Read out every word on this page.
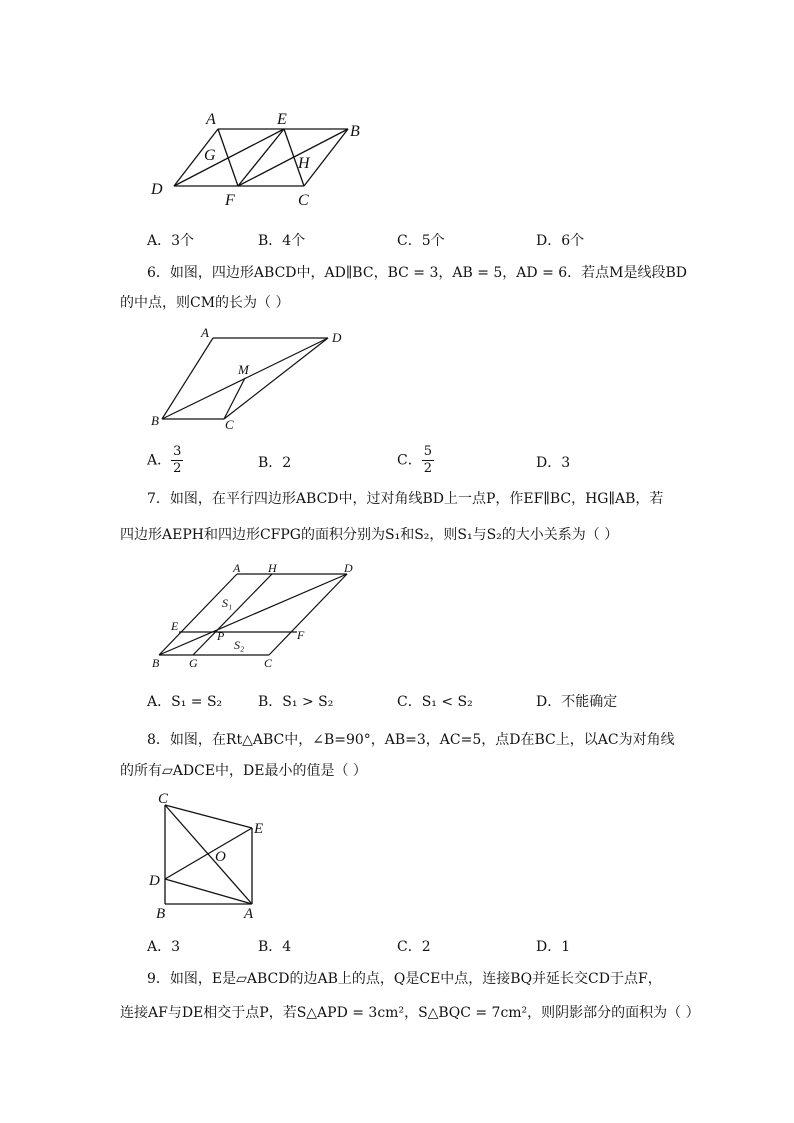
A	E
B
G	H
D
F	C
A．3个	B．4个	C．5个	D．6个
6．如图，四边形ABCD中，AD∥BC，BC = 3，AB = 5，AD = 6．若点M是线段BD
的中点，则CM的长为（ ）
A	D
M
B	C
A． $\frac{3}{2}$	B．2	C． $\frac{5}{2}$	D．3
7．如图，在平行四边形ABCD中，过对角线BD上一点P，作EF∥BC，HG∥AB，若
四边形AEPH和四边形CFPG的面积分别为S₁和S₂，则S₁与S₂的大小关系为（ ）
A H	D
S₁
E
P	F
S₂
B G	C
A．S₁ = S₂	B．S₁ > S₂	C．S₁ < S₂	D．不能确定
8．如图，在Rt△ABC中，∠B=90°，AB=3，AC=5，点D在BC上，以AC为对角线
的所有▱ADCE中，DE最小的值是（ ）
C
E
O
D
B	A
A．3	B．4	C．2	D．1
9．如图，E是▱ABCD的边AB上的点，Q是CE中点，连接BQ并延长交CD于点F，
连接AF与DE相交于点P，若S△APD = 3cm²，S△BQC = 7cm²，则阴影部分的面积为（ ）
